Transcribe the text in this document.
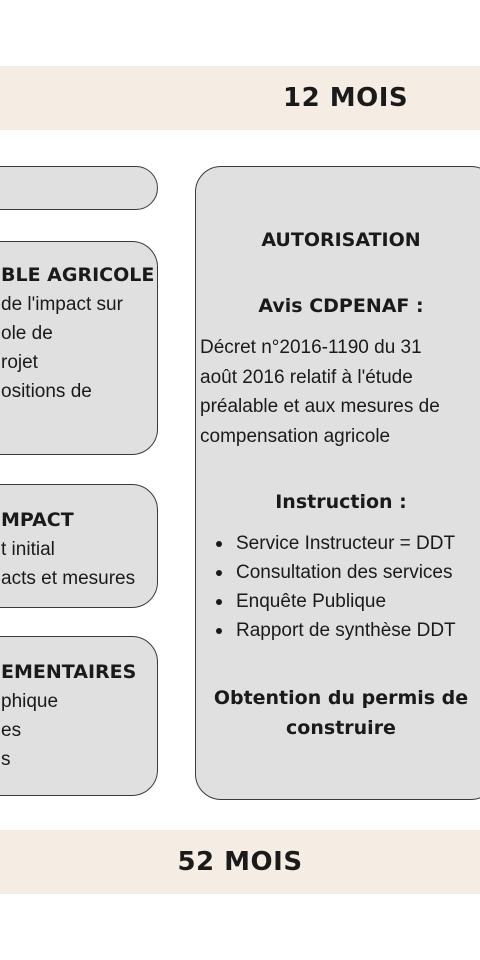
12 MOIS
BLE AGRICOLE
de l'impact sur
ole de
rojet
ositions de
MPACT
t initial
acts et mesures
EMENTAIRES
phique
es
s
AUTORISATION
Avis CDPENAF :
Décret n°2016-1190 du 31
août 2016 relatif à l'étude
préalable et aux mesures de
compensation agricole
Instruction :
Service Instructeur = DDT
Consultation des services
Enquête Publique
Rapport de synthèse DDT
Obtention du permis de
construire
52 MOIS
